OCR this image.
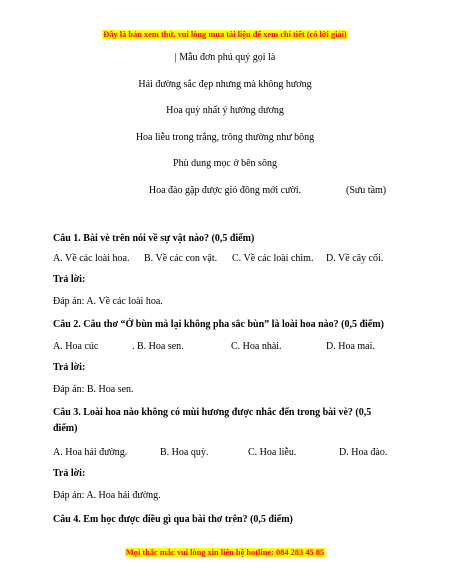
Đây là bản xem thử, vui lòng mua tài liệu để xem chi tiết (có lời giải)
| Mẫu đơn phú quý gọi là
Hải đường sắc đẹp nhưng mà không hương
Hoa quỳ nhất ý hướng dương
Hoa liễu trong trắng, trông thường như bông
Phù dung mọc ở bên sông
Hoa đào gặp được gió đông mới cười.	(Sưu tầm)
Câu 1. Bài vè trên nói về sự vật nào? (0,5 điểm)
A. Về các loài hoa. B. Về các con vật. C. Về các loài chim. D. Về cây cối.
Trả lời:
Đáp án: A. Về các loài hoa.
Câu 2. Câu thơ “Ở bùn mà lại không pha sắc bùn” là loài hoa nào? (0,5 điểm)
A. Hoa cúc	. B. Hoa sen.	C. Hoa nhài.	D. Hoa mai.
Trả lời:
Đáp án: B. Hoa sen.
Câu 3. Loài hoa nào không có mùi hương được nhắc đến trong bài vè? (0,5 điểm)
A. Hoa hải đường.	B. Hoa quỳ.	C. Hoa liễu.	D. Hoa đào.
Trả lời:
Đáp án: A. Hoa hải đường.
Câu 4. Em học được điều gì qua bài thơ trên? (0,5 điểm)
Mọi thắc mắc vui lòng xin liên hệ hotline: 084 283 45 85
